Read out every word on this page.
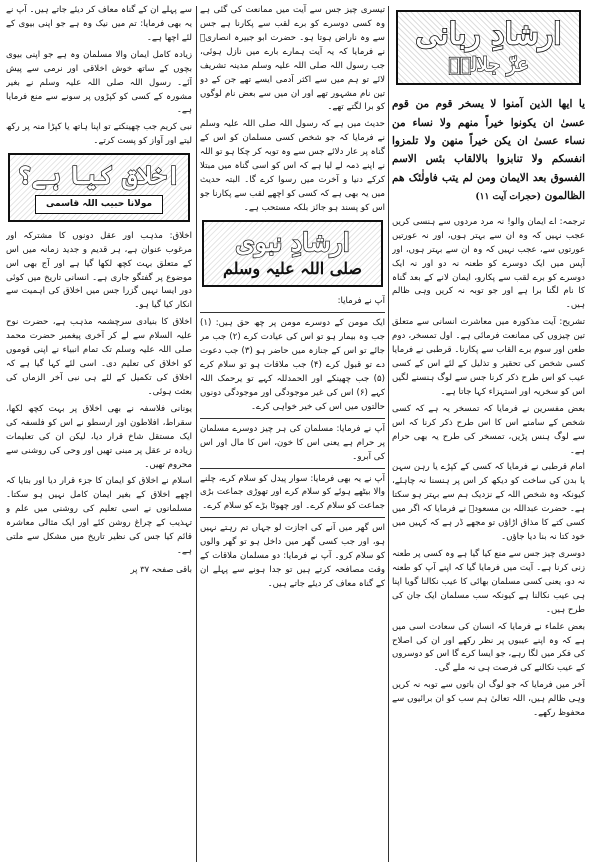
ارشادِ ربانی
عزّ جلالہٗ
یا ایھا الذین آمنوا لا یسخر قوم من قوم عسیٰ ان یکونوا خیراً منھم ولا نساء من نساء عسیٰ ان یکن خیراً منھن ولا تلمزوا انفسکم ولا تنابزوا بالالقاب بئس الاسم الفسوق بعد الایمان ومن لم یتب فاولٰئک ھم الظالمون (حجرات آیت ۱۱)

ترجمہ: اے ایمان والو! نہ مرد مردوں سے ہنسی کریں عجب نہیں کہ وہ ان سے بہتر ہوں، اور نہ عورتیں عورتوں سے، عجب نہیں کہ وہ ان سے بہتر ہوں، اور آپس میں ایک دوسرے کو طعنہ نہ دو اور نہ ایک دوسرے کو برے لقب سے پکارو، ایمان لانے کے بعد گناہ کا نام لگنا برا ہے اور جو توبہ نہ کریں وہی ظالم ہیں۔

تشریح: آیت مذکورہ میں معاشرت انسانی سے متعلق تین چیزوں کی ممانعت فرمائی ہے۔ اول تمسخر، دوم طعن اور سوم برے القاب سے پکارنا۔ قرطبی نے فرمایا کسی شخص کی تحقیر و تذلیل کے لئے اس کے کسی عیب کو اس طرح ذکر کرنا جس سے لوگ ہنسنے لگیں اس کو سخریہ اور استہزاء کہا جاتا ہے۔

بعض مفسرین نے فرمایا کہ تمسخر یہ ہے کہ کسی شخص کے سامنے اس کا اس طرح ذکر کرنا کہ اس سے لوگ ہنس پڑیں، تمسخر کی طرح یہ بھی حرام ہے۔

امام قرطبی نے فرمایا کہ کسی کے کپڑے یا رہن سہن یا بدن کی ساخت کو دیکھ کر اس پر ہنسنا نہ چاہئے، کیونکہ وہ شخص اللہ کے نزدیک ہم سے بہتر ہو سکتا ہے۔ حضرت عبداللہ بن مسعودؓ نے فرمایا کہ اگر میں کسی کتے کا مذاق اڑاؤں تو مجھے ڈر ہے کہ کہیں میں خود کتا نہ بنا دیا جاؤں۔

دوسری چیز جس سے منع کیا گیا ہے وہ کسی پر طعنہ زنی کرنا ہے۔ آیت میں فرمایا گیا کہ اپنے آپ کو طعنہ نہ دو، یعنی کسی مسلمان بھائی کا عیب نکالنا گویا اپنا ہی عیب نکالنا ہے کیونکہ سب مسلمان ایک جان کی طرح ہیں۔

بعض علماء نے فرمایا کہ انسان کی سعادت اسی میں ہے کہ وہ اپنے عیبوں پر نظر رکھے اور ان کی اصلاح کی فکر میں لگا رہے، جو ایسا کرے گا اس کو دوسروں کے عیب نکالنے کی فرصت ہی نہ ملے گی۔

آخر میں فرمایا کہ جو لوگ ان باتوں سے توبہ نہ کریں وہی ظالم ہیں، اللہ تعالیٰ ہم سب کو ان برائیوں سے محفوظ رکھے۔

تیسری چیز جس سے آیت میں ممانعت کی گئی ہے وہ کسی دوسرے کو برے لقب سے پکارنا ہے جس سے وہ ناراض ہوتا ہو۔ حضرت ابو جبیرہ انصاریؓ نے فرمایا کہ یہ آیت ہمارے بارے میں نازل ہوئی، جب رسول اللہ صلی اللہ علیہ وسلم مدینہ تشریف لائے تو ہم میں سے اکثر آدمی ایسے تھے جن کے دو تین نام مشہور تھے اور ان میں سے بعض نام لوگوں کو برا لگتے تھے۔

حدیث میں ہے کہ رسول اللہ صلی اللہ علیہ وسلم نے فرمایا کہ جو شخص کسی مسلمان کو اس کے گناہ پر عار دلائے جس سے وہ توبہ کر چکا ہو تو اللہ نے اپنے ذمہ لے لیا ہے کہ اس کو اسی گناہ میں مبتلا کرکے دنیا و آخرت میں رسوا کرے گا۔ البتہ حدیث میں یہ بھی ہے کہ کسی کو اچھے لقب سے پکارنا جو اس کو پسند ہو جائز بلکہ مستحب ہے۔

ارشادِ نبوی
صلی اللہ علیہ وسلم

آپ نے فرمایا:

ایک مومن کے دوسرے مومن پر چھ حق ہیں: (۱) جب وہ بیمار ہو تو اس کی عیادت کرے (۲) جب مر جائے تو اس کے جنازہ میں حاضر ہو (۳) جب دعوت دے تو قبول کرے (۴) جب ملاقات ہو تو سلام کرے (۵) جب چھینکے اور الحمدللہ کہے تو یرحمک اللہ کہے (۶) اس کی غیر موجودگی اور موجودگی دونوں حالتوں میں اس کی خیر خواہی کرے۔

آپ نے فرمایا: مسلمان کی ہر چیز دوسرے مسلمان پر حرام ہے یعنی اس کا خون، اس کا مال اور اس کی آبرو۔

آپ نے یہ بھی فرمایا: سوار پیدل کو سلام کرے، چلنے والا بیٹھے ہوئے کو سلام کرے اور تھوڑی جماعت بڑی جماعت کو سلام کرے۔ اور چھوٹا بڑے کو سلام کرے۔

اس گھر میں آنے کی اجازت لو جہاں تم رہتے نہیں ہو، اور جب کسی گھر میں داخل ہو تو گھر والوں کو سلام کرو۔ آپ نے فرمایا: دو مسلمان ملاقات کے وقت مصافحہ کرتے ہیں تو جدا ہونے سے پہلے ان کے گناہ معاف کر دیئے جاتے ہیں۔

سے پہلے ان کے گناہ معاف کر دیئے جاتے ہیں۔ آپ نے یہ بھی فرمایا: تم میں نیک وہ ہے جو اپنی بیوی کے لئے اچھا ہے۔

زیادہ کامل ایمان والا مسلمان وہ ہے جو اپنی بیوی بچوں کے ساتھ خوش اخلاقی اور نرمی سے پیش آئے۔ رسول اللہ صلی اللہ علیہ وسلم نے بغیر مشورہ کے کسی کو کپڑوں پر سونے سے منع فرمایا ہے۔

نبی کریم جب چھینکتے تو اپنا ہاتھ یا کپڑا منہ پر رکھ لیتے اور آواز کو پست کرتے۔

اخلاق کیا ہے؟
مولانا حبیب اللہ قاسمی

اخلاق: مذہب اور عقل دونوں کا مشترکہ اور مرغوب عنوان ہے، ہر قدیم و جدید زمانہ میں اس کے متعلق بہت کچھ لکھا گیا ہے اور آج بھی اس موضوع پر گفتگو جاری ہے۔ انسانی تاریخ میں کوئی دور ایسا نہیں گزرا جس میں اخلاق کی اہمیت سے انکار کیا گیا ہو۔

اخلاق کا بنیادی سرچشمہ مذہب ہے، حضرت نوح علیہ السلام سے لے کر آخری پیغمبر حضرت محمد صلی اللہ علیہ وسلم تک تمام انبیاء نے اپنی قوموں کو اخلاق کی تعلیم دی۔ اسی لئے کہا گیا ہے کہ اخلاق کی تکمیل کے لئے ہی نبی آخر الزماں کی بعثت ہوئی۔

یونانی فلاسفہ نے بھی اخلاق پر بہت کچھ لکھا، سقراط، افلاطون اور ارسطو نے اس کو فلسفہ کی ایک مستقل شاخ قرار دیا، لیکن ان کی تعلیمات زیادہ تر عقل پر مبنی تھیں اور وحی کی روشنی سے محروم تھیں۔

اسلام نے اخلاق کو ایمان کا جزء قرار دیا اور بتایا کہ اچھے اخلاق کے بغیر ایمان کامل نہیں ہو سکتا۔ مسلمانوں نے اسی تعلیم کی روشنی میں علم و تہذیب کے چراغ روشن کئے اور ایک مثالی معاشرہ قائم کیا جس کی نظیر تاریخ میں مشکل سے ملتی ہے۔

باقی صفحہ ۳۷ پر
